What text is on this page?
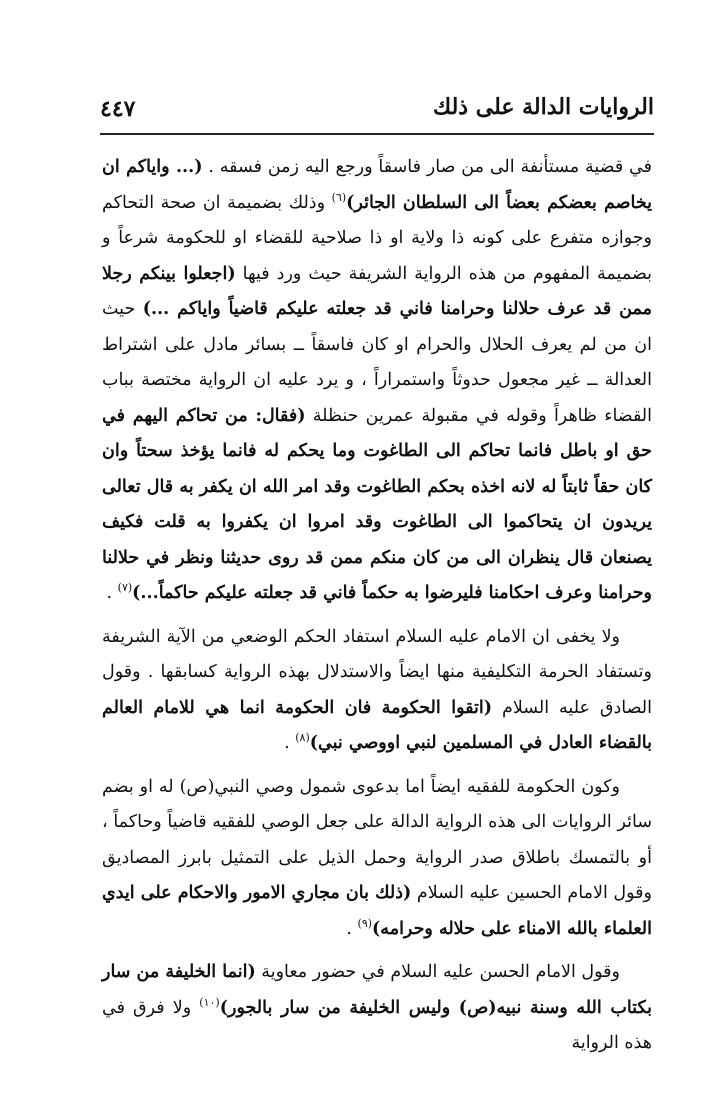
الروايات الدالة على ذلك
٤٤٧

في قضية مستأنفة الى من صار فاسقاً ورجع اليه زمن فسقه . (... واياكم ان يخاصم بعضكم بعضاً الى السلطان الجائر)$^{(٦)}$ وذلك بضميمة ان صحة التحاكم وجوازه متفرع على كونه ذا ولاية او ذا صلاحية للقضاء او للحكومة شرعاً و بضميمة المفهوم من هذه الرواية الشريفة حيث ورد فيها (اجعلوا بينكم رجلا ممن قد عرف حلالنا وحرامنا فاني قد جعلته عليكم قاضياً واياكم ...) حيث ان من لم يعرف الحلال والحرام او كان فاسقاً ــ بسائر مادل على اشتراط العدالة ــ غير مجعول حدوثاً واستمراراً ، و يرد عليه ان الرواية مختصة بباب القضاء ظاهراً وقوله في مقبولة عمرين حنظلة (فقال: من تحاكم اليهم في حق او باطل فانما تحاكم الى الطاغوت وما يحكم له فانما يؤخذ سحتاً وان كان حقاً ثابتاً له لانه اخذه بحكم الطاغوت وقد امر الله ان يكفر به قال تعالى يريدون ان يتحاكموا الى الطاغوت وقد امروا ان يكفروا به قلت فكيف يصنعان قال ينظران الى من كان منكم ممن قد روى حديثنا ونظر في حلالنا وحرامنا وعرف احكامنا فليرضوا به حكماً فاني قد جعلته عليكم حاكماً...)$^{(٧)}$ .

ولا يخفى ان الامام عليه السلام استفاد الحكم الوضعي من الآية الشريفة وتستفاد الحرمة التكليفية منها ايضاً والاستدلال بهذه الرواية كسابقها . وقول الصادق عليه السلام (اتقوا الحكومة فان الحكومة انما هي للامام العالم بالقضاء العادل في المسلمين لنبي اووصي نبي)$^{(٨)}$ .

وكون الحكومة للفقيه ايضاً اما بدعوى شمول وصي النبي(ص) له او بضم سائر الروايات الى هذه الرواية الدالة على جعل الوصي للفقيه قاضياً وحاكماً ، أو بالتمسك باطلاق صدر الرواية وحمل الذيل على التمثيل بابرز المصاديق وقول الامام الحسين عليه السلام (ذلك بان مجاري الامور والاحكام على ايدي العلماء بالله الامناء على حلاله وحرامه)$^{(٩)}$ .

وقول الامام الحسن عليه السلام في حضور معاوية (انما الخليفة من سار بكتاب الله وسنة نبيه(ص) وليس الخليفة من سار بالجور)$^{(١٠)}$ ولا فرق في هذه الرواية
